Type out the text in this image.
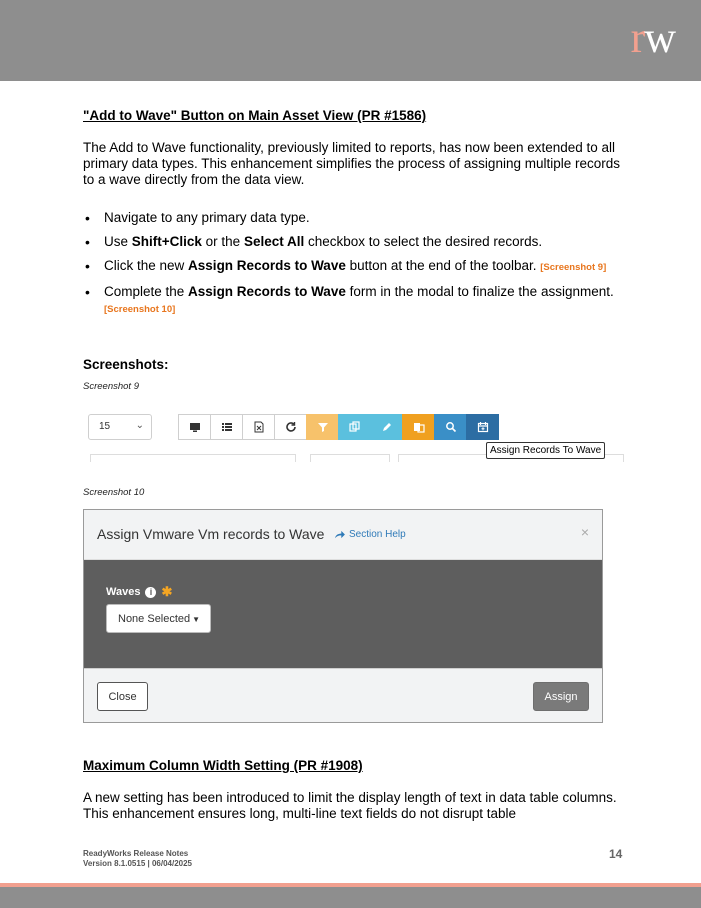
rw
"Add to Wave" Button on Main Asset View (PR #1586)

The Add to Wave functionality, previously limited to reports, has now been extended to all primary data types. This enhancement simplifies the process of assigning multiple records to a wave directly from the data view.

• Navigate to any primary data type.
• Use Shift+Click or the Select All checkbox to select the desired records.
• Click the new Assign Records to Wave button at the end of the toolbar. [Screenshot 9]
• Complete the Assign Records to Wave form in the modal to finalize the assignment. [Screenshot 10]
Screenshots:
Screenshot 9
15	⌄
Assign Records To Wave
Screenshot 10
Assign Vmware Vm records to Wave Section Help	×
Waves	i ✱
None Selected ▼
Close	Assign
Maximum Column Width Setting (PR #1908)

A new setting has been introduced to limit the display length of text in data table columns. This enhancement ensures long, multi-line text fields do not disrupt table

ReadyWorks Release Notes
Version 8.1.0515 | 06/04/2025
14
